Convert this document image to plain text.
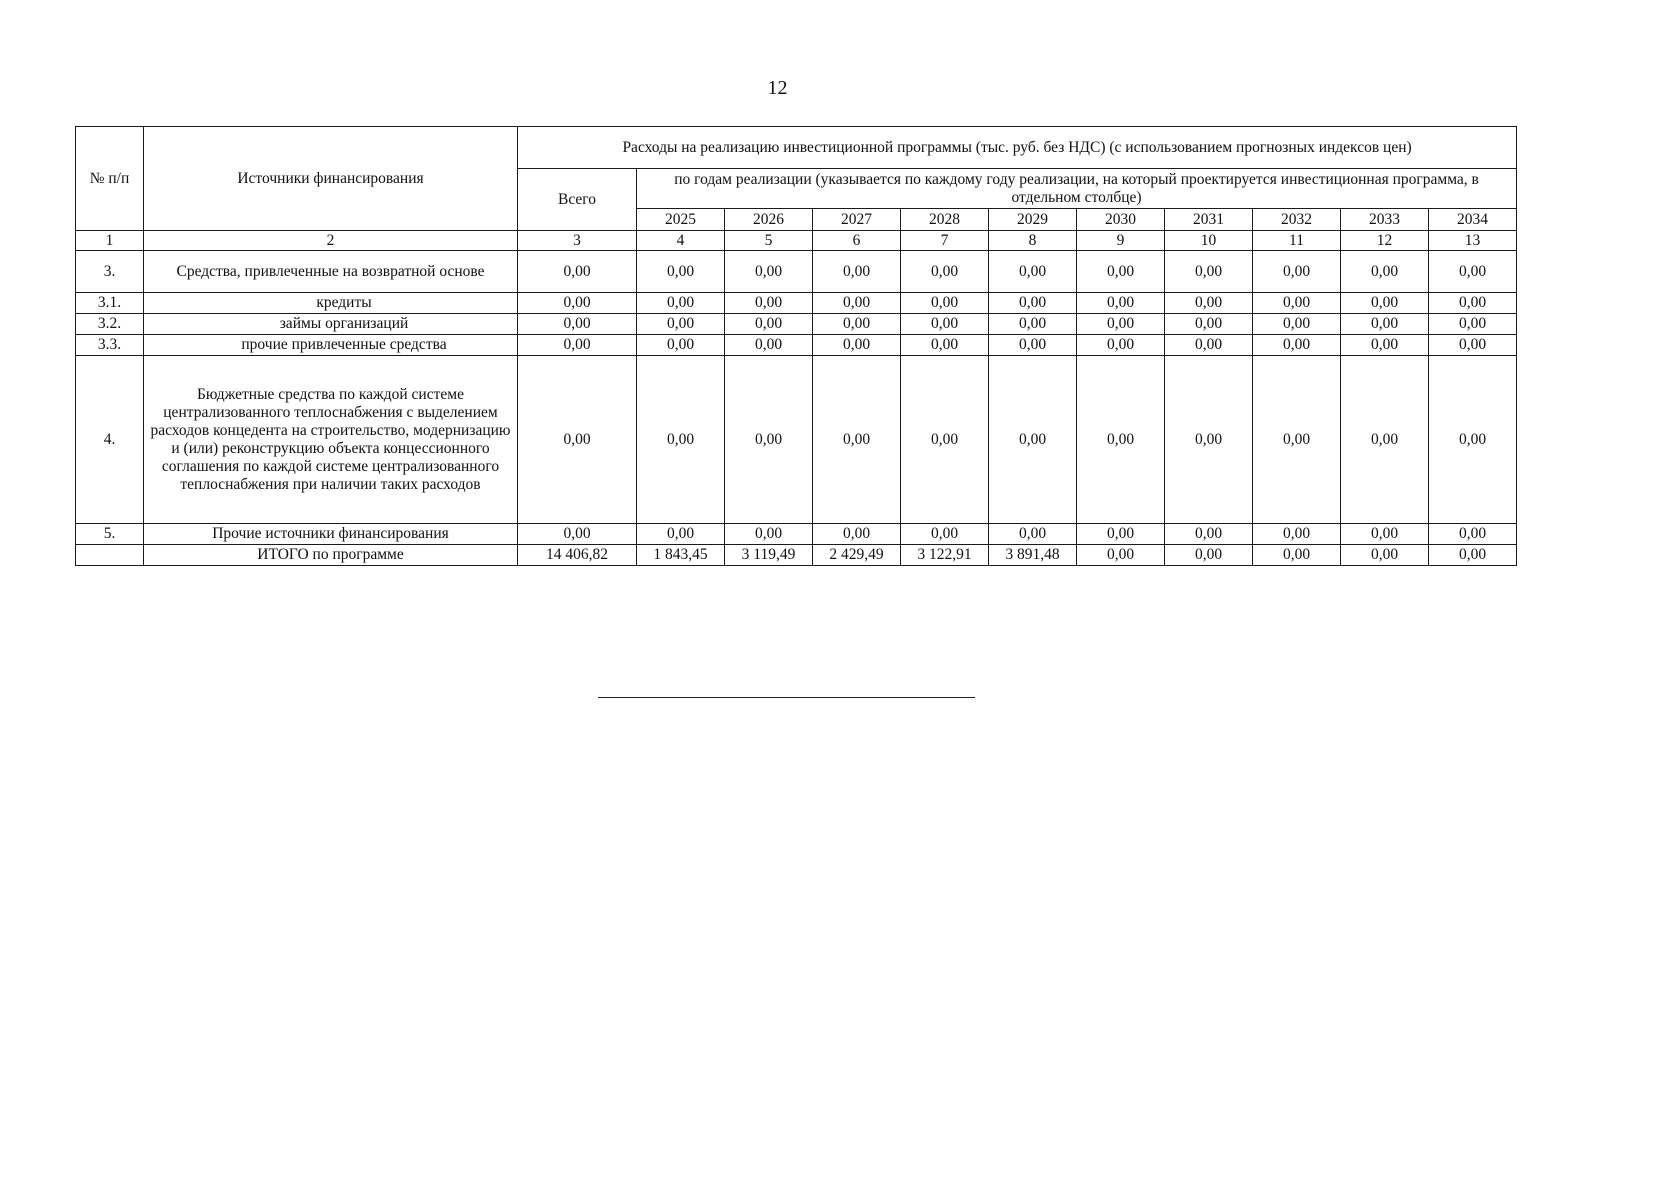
12
№ п/п	Источники финансирования	Расходы на реализацию инвестиционной программы (тыс. руб. без НДС) (с использованием прогнозных индексов цен)										
		Всего	по годам реализации (указывается по каждому году реализации, на который проектируется инвестиционная программа, в отдельном столбце)									
			2025	2026	2027	2028	2029	2030	2031	2032	2033	2034
1	2	3	4	5	6	7	8	9	10	11	12	13
3.	Средства, привлеченные на возвратной основе	0,00	0,00	0,00	0,00	0,00	0,00	0,00	0,00	0,00	0,00	0,00
3.1.	кредиты	0,00	0,00	0,00	0,00	0,00	0,00	0,00	0,00	0,00	0,00	0,00
3.2.	займы организаций	0,00	0,00	0,00	0,00	0,00	0,00	0,00	0,00	0,00	0,00	0,00
3.3.	прочие привлеченные средства	0,00	0,00	0,00	0,00	0,00	0,00	0,00	0,00	0,00	0,00	0,00
4.	Бюджетные средства по каждой системе централизованного теплоснабжения с выделением расходов концедента на строительство, модернизацию и (или) реконструкцию объекта концессионного соглашения по каждой системе централизованного теплоснабжения при наличии таких расходов	0,00	0,00	0,00	0,00	0,00	0,00	0,00	0,00	0,00	0,00	0,00
5.	Прочие источники финансирования	0,00	0,00	0,00	0,00	0,00	0,00	0,00	0,00	0,00	0,00	0,00
	ИТОГО по программе	14 406,82	1 843,45	3 119,49	2 429,49	3 122,91	3 891,48	0,00	0,00	0,00	0,00	0,00
